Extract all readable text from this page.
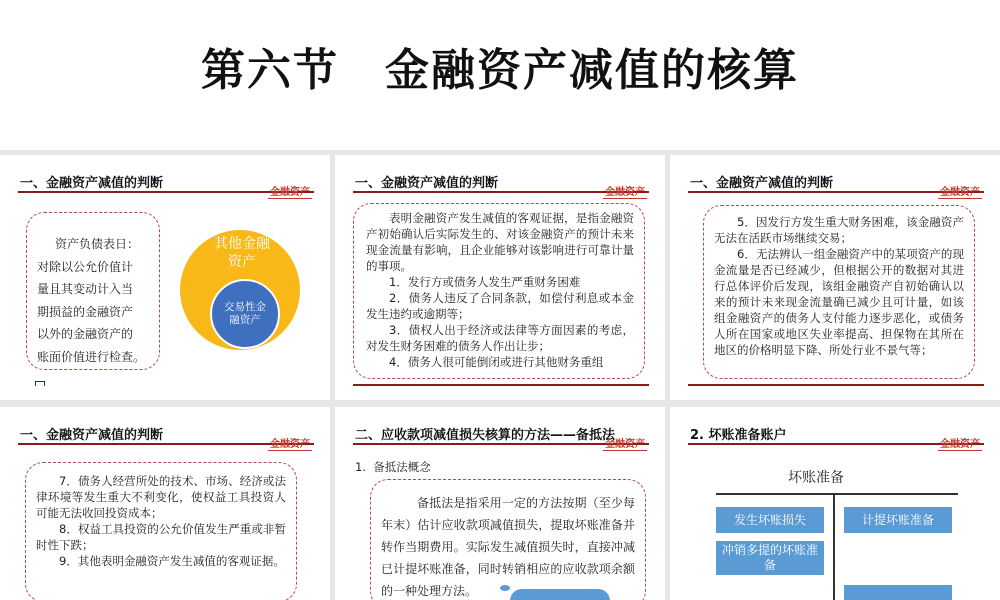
第六节　金融资产减值的核算
一、金融资产减值的判断
金融资产
资产负债表日：
对除以公允价值计
量且其变动计入当
期损益的金融资产
以外的金融资产的
账面价值进行检查。
其他金融资产
交易性金融资产
一、金融资产减值的判断
金融资产

表明金融资产发生减值的客观证据，是指金融资产初始确认后实际发生的、对该金融资产的预计未来现金流量有影响，且企业能够对该影响进行可靠计量的事项。

1．发行方或债务人发生严重财务困难

2．债务人违反了合同条款，如偿付利息或本金发生违约或逾期等；

3．债权人出于经济或法律等方面因素的考虑，对发生财务困难的债务人作出让步；

4．债务人很可能倒闭或进行其他财务重组

一、金融资产减值的判断
金融资产

5．因发行方发生重大财务困难，该金融资产无法在活跃市场继续交易；

6．无法辨认一组金融资产中的某项资产的现金流量是否已经减少，但根据公开的数据对其进行总体评价后发现，该组金融资产自初始确认以来的预计未来现金流量确已减少且可计量，如该组金融资产的债务人支付能力逐步恶化，或债务人所在国家或地区失业率提高、担保物在其所在地区的价格明显下降、所处行业不景气等；

一、金融资产减值的判断
金融资产

7．债务人经营所处的技术、市场、经济或法律环境等发生重大不利变化，使权益工具投资人可能无法收回投资成本；

8．权益工具投资的公允价值发生严重或非暂时性下跌；

9．其他表明金融资产发生减值的客观证据。

二、应收款项减值损失核算的方法——备抵法
金融资产
1.  备抵法概念

备抵法是指采用一定的方法按期（至少每年末）估计应收款项减值损失，提取坏账准备并转作当期费用。实际发生减值损失时，直接冲减已计提坏账准备，同时转销相应的应收款项余额的一种处理方法。

2. 坏账准备账户
金融资产
坏账准备
发生坏账损失
冲销多提的坏账准备
计提坏账准备
